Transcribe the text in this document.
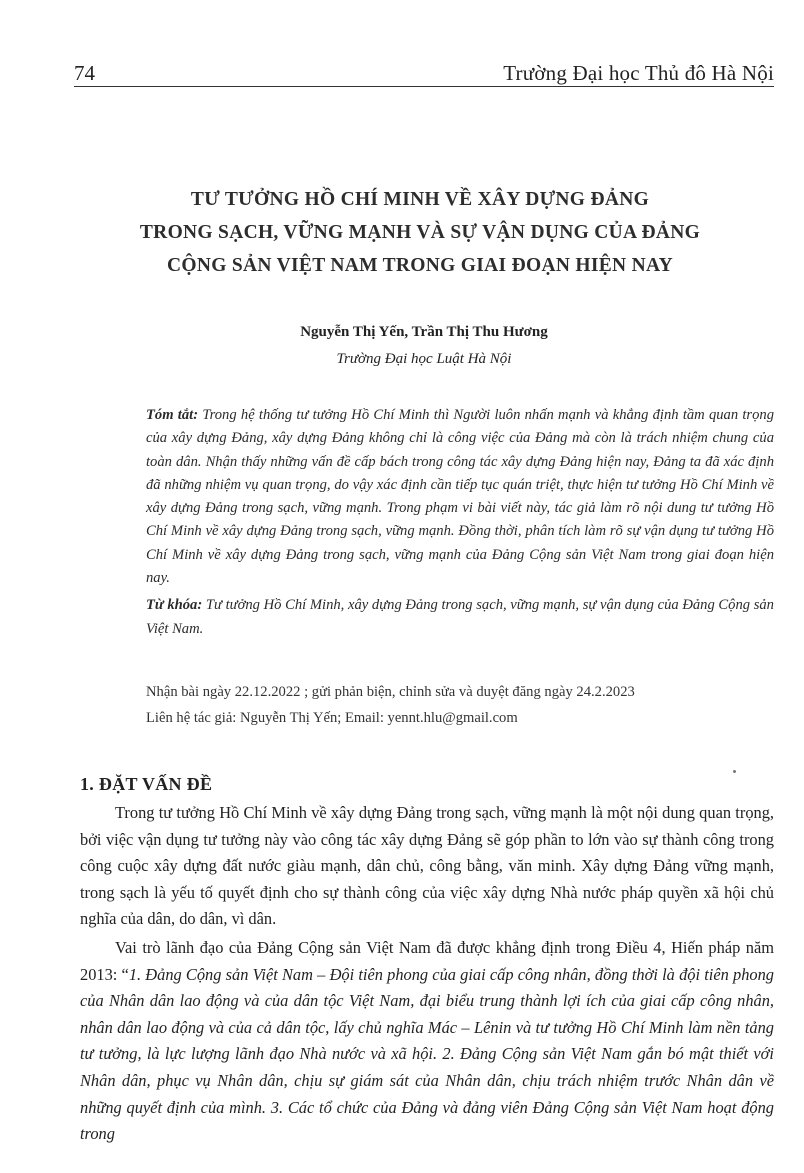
74	Trường Đại học Thủ đô Hà Nội
TƯ TƯỞNG HỒ CHÍ MINH VỀ XÂY DỰNG ĐẢNG
TRONG SẠCH, VỮNG MẠNH VÀ SỰ VẬN DỤNG CỦA ĐẢNG
CỘNG SẢN VIỆT NAM TRONG GIAI ĐOẠN HIỆN NAY
Nguyễn Thị Yến, Trần Thị Thu Hương
Trường Đại học Luật Hà Nội
Tóm tắt: Trong hệ thống tư tưởng Hồ Chí Minh thì Người luôn nhấn mạnh và khẳng định tầm quan trọng của xây dựng Đảng, xây dựng Đảng không chỉ là công việc của Đảng mà còn là trách nhiệm chung của toàn dân. Nhận thấy những vấn đề cấp bách trong công tác xây dựng Đảng hiện nay, Đảng ta đã xác định đã những nhiệm vụ quan trọng, do vậy xác định cần tiếp tục quán triệt, thực hiện tư tưởng Hồ Chí Minh về xây dựng Đảng trong sạch, vững mạnh. Trong phạm vi bài viết này, tác giả làm rõ nội dung tư tưởng Hồ Chí Minh về xây dựng Đảng trong sạch, vững mạnh. Đồng thời, phân tích làm rõ sự vận dụng tư tưởng Hồ Chí Minh về xây dựng Đảng trong sạch, vững mạnh của Đảng Cộng sản Việt Nam trong giai đoạn hiện nay.
Từ khóa: Tư tưởng Hồ Chí Minh, xây dựng Đảng trong sạch, vững mạnh, sự vận dụng của Đảng Cộng sản Việt Nam.
Nhận bài ngày 22.12.2022 ; gửi phản biện, chỉnh sửa và duyệt đăng ngày 24.2.2023
Liên hệ tác giả: Nguyễn Thị Yến; Email: yennt.hlu@gmail.com
1. ĐẶT VẤN ĐỀ
Trong tư tưởng Hồ Chí Minh về xây dựng Đảng trong sạch, vững mạnh là một nội dung quan trọng, bởi việc vận dụng tư tưởng này vào công tác xây dựng Đảng sẽ góp phần to lớn vào sự thành công trong công cuộc xây dựng đất nước giàu mạnh, dân chủ, công bằng, văn minh. Xây dựng Đảng vững mạnh, trong sạch là yếu tố quyết định cho sự thành công của việc xây dựng Nhà nước pháp quyền xã hội chủ nghĩa của dân, do dân, vì dân.
Vai trò lãnh đạo của Đảng Cộng sản Việt Nam đã được khẳng định trong Điều 4, Hiến pháp năm 2013: “1. Đảng Cộng sản Việt Nam – Đội tiên phong của giai cấp công nhân, đồng thời là đội tiên phong của Nhân dân lao động và của dân tộc Việt Nam, đại biểu trung thành lợi ích của giai cấp công nhân, nhân dân lao động và của cả dân tộc, lấy chủ nghĩa Mác – Lênin và tư tưởng Hồ Chí Minh làm nền tảng tư tưởng, là lực lượng lãnh đạo Nhà nước và xã hội. 2. Đảng Cộng sản Việt Nam gắn bó mật thiết với Nhân dân, phục vụ Nhân dân, chịu sự giám sát của Nhân dân, chịu trách nhiệm trước Nhân dân về những quyết định của mình. 3. Các tổ chức của Đảng và đảng viên Đảng Cộng sản Việt Nam hoạt động trong
